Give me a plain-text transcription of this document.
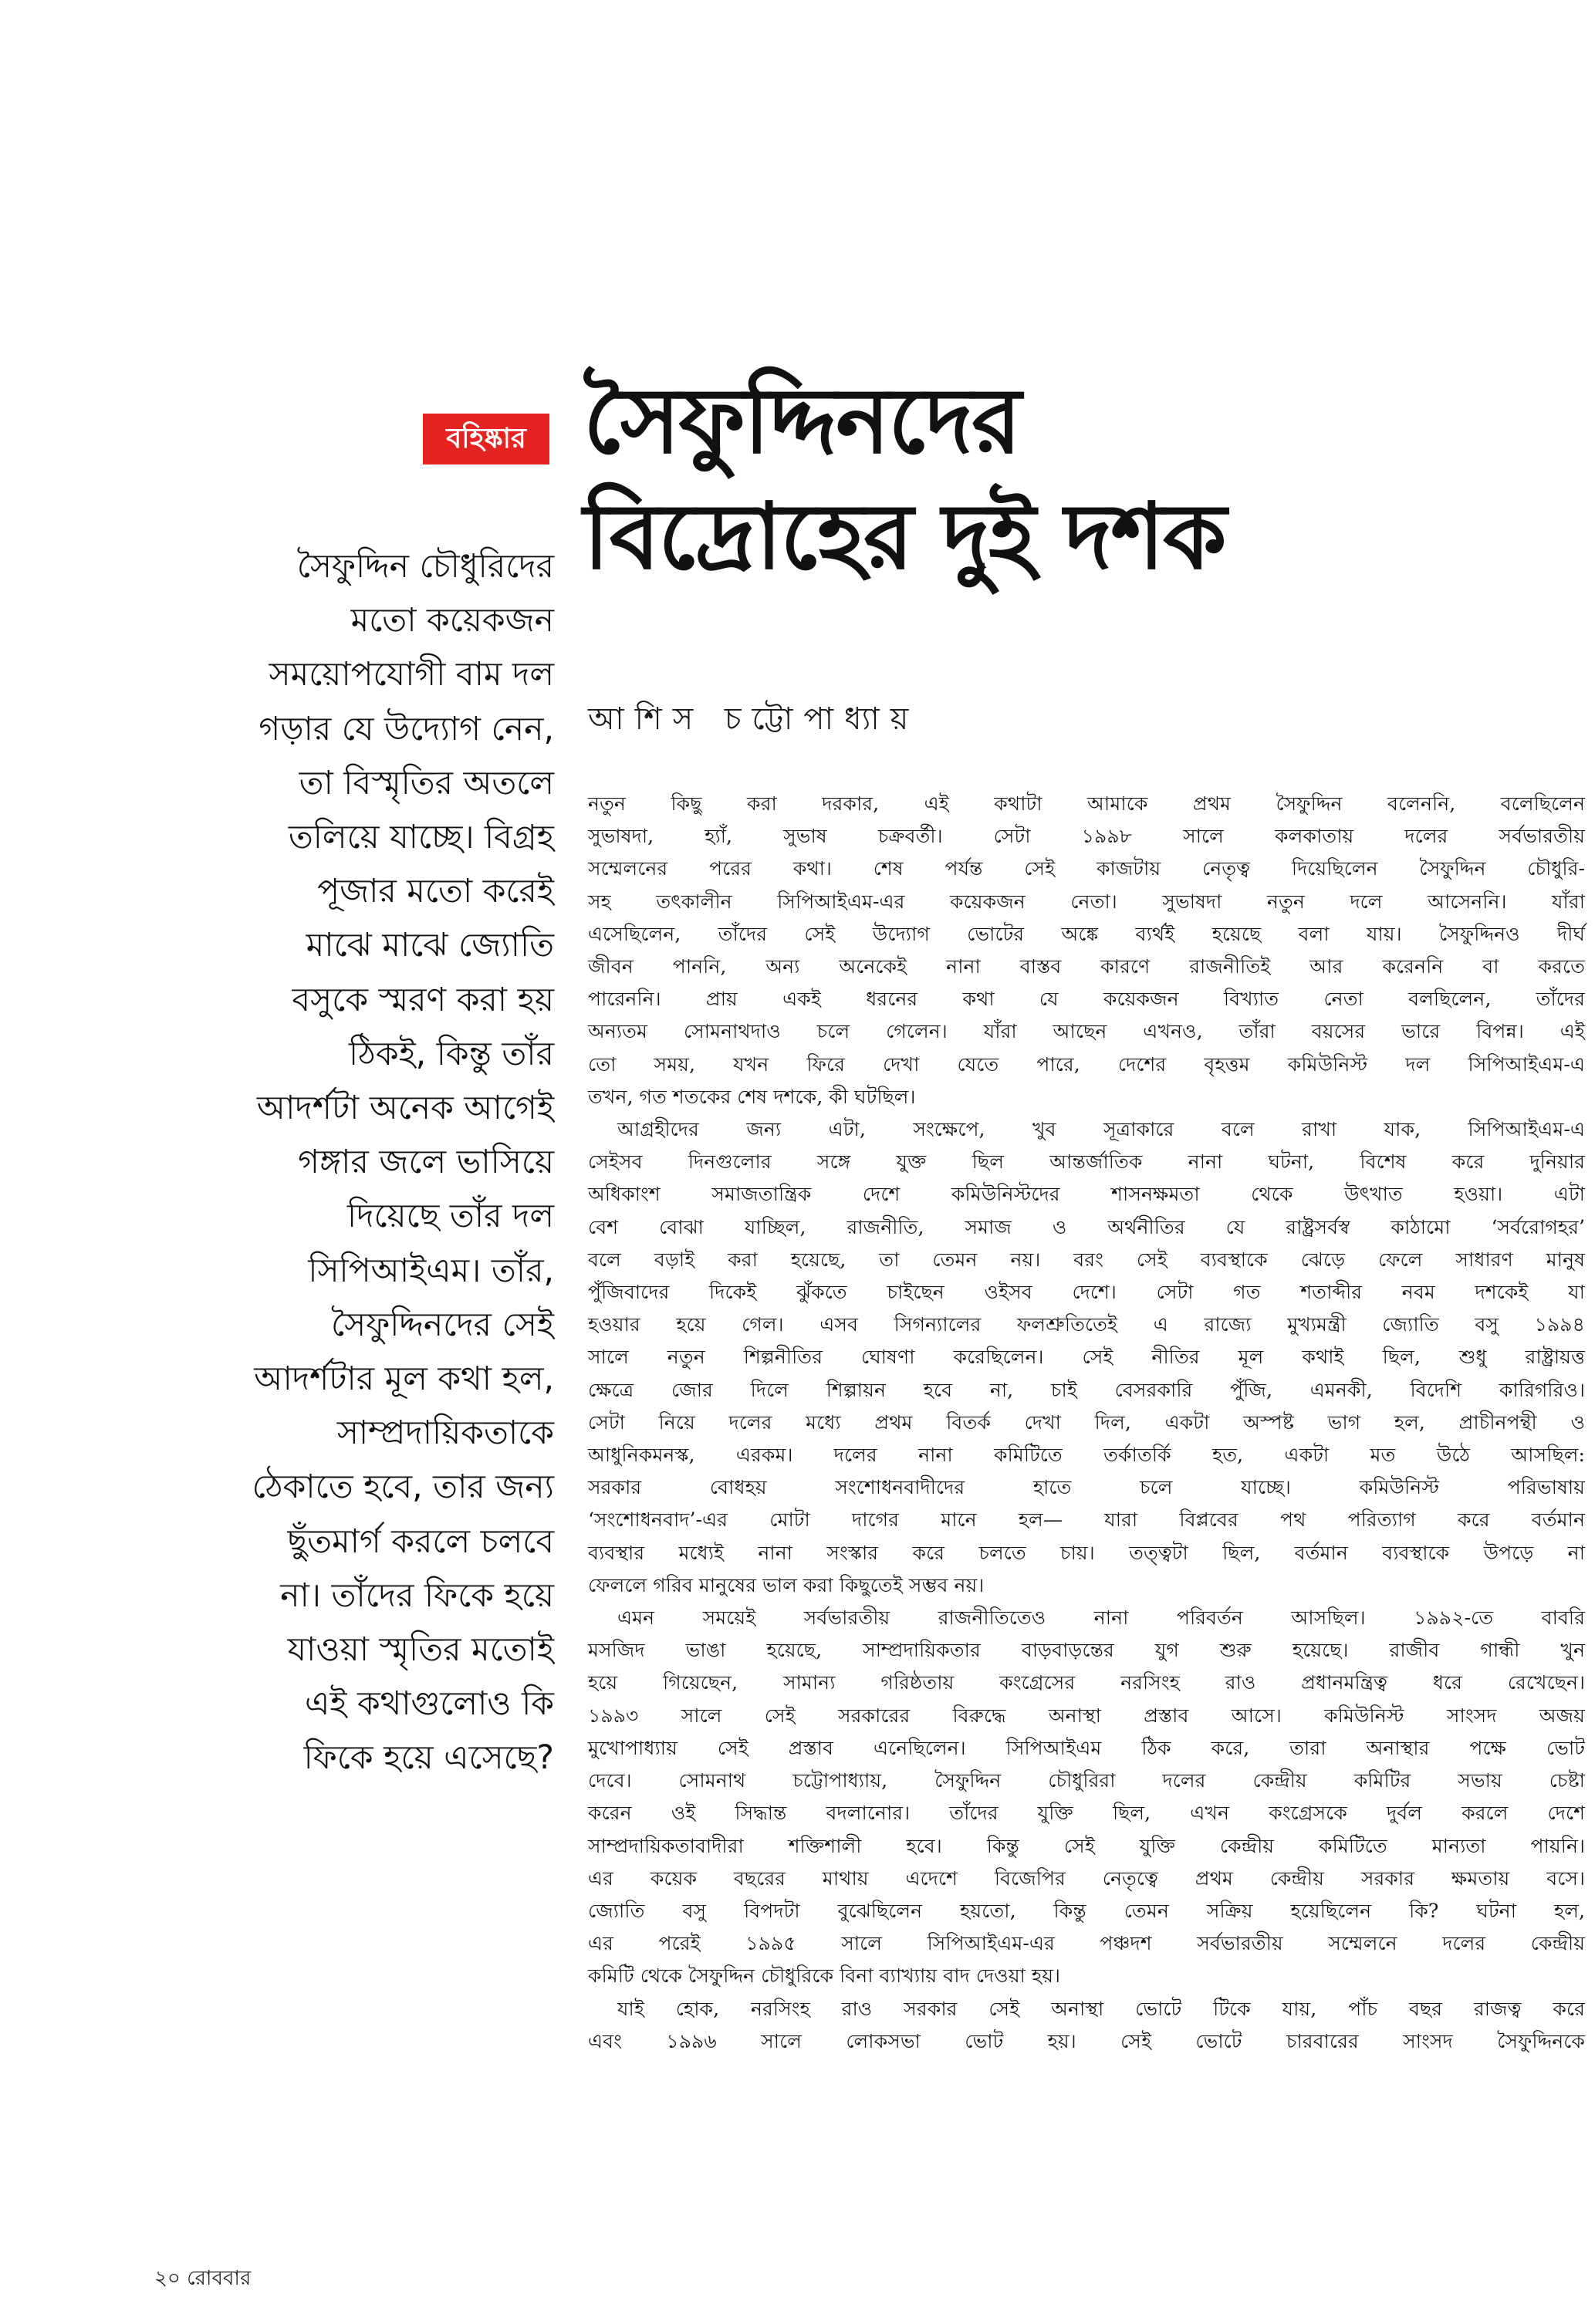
বহিষ্কার সৈফুদ্দিনদের
বিদ্রোহের দুই দশক
আশিস চট্টোপাধ্যায়
সৈফুদ্দিন চৌধুরিদের
মতো কয়েকজন
সময়োপযোগী বাম দল
গড়ার যে উদ্যোগ নেন,
তা বিস্মৃতির অতলে
তলিয়ে যাচ্ছে। বিগ্রহ
পূজার মতো করেই
মাঝে মাঝে জ্যোতি
বসুকে স্মরণ করা হয়
ঠিকই, কিন্তু তাঁর
আদর্শটা অনেক আগেই
গঙ্গার জলে ভাসিয়ে
দিয়েছে তাঁর দল
সিপিআইএম। তাঁর,
সৈফুদ্দিনদের সেই
আদর্শটার মূল কথা হল,
সাম্প্রদায়িকতাকে
ঠেকাতে হবে, তার জন্য
ছুঁতমার্গ করলে চলবে
না। তাঁদের ফিকে হয়ে
যাওয়া স্মৃতির মতোই
এই কথাগুলোও কি
ফিকে হয়ে এসেছে?
নতুন কিছু করা দরকার, এই কথাটা আমাকে প্রথম সৈফুদ্দিন বলেননি, বলেছিলেন
সুভাষদা, হ্যাঁ, সুভাষ চক্রবর্তী। সেটা ১৯৯৮ সালে কলকাতায় দলের সর্বভারতীয়
সম্মেলনের পরের কথা। শেষ পর্যন্ত সেই কাজটায় নেতৃত্ব দিয়েছিলেন সৈফুদ্দিন চৌধুরি-
সহ তৎকালীন সিপিআইএম-এর কয়েকজন নেতা। সুভাষদা নতুন দলে আসেননি। যাঁরা
এসেছিলেন, তাঁদের সেই উদ্যোগ ভোটের অঙ্কে ব্যর্থই হয়েছে বলা যায়। সৈফুদ্দিনও দীর্ঘ
জীবন পাননি, অন্য অনেকেই নানা বাস্তব কারণে রাজনীতিই আর করেননি বা করতে
পারেননি। প্রায় একই ধরনের কথা যে কয়েকজন বিখ্যাত নেতা বলছিলেন, তাঁদের
অন্যতম সোমনাথদাও চলে গেলেন। যাঁরা আছেন এখনও, তাঁরা বয়সের ভারে বিপন্ন। এই
তো সময়, যখন ফিরে দেখা যেতে পারে, দেশের বৃহত্তম কমিউনিস্ট দল সিপিআইএম-এ
তখন, গত শতকের শেষ দশকে, কী ঘটছিল।
আগ্রহীদের জন্য এটা, সংক্ষেপে, খুব সূত্রাকারে বলে রাখা যাক, সিপিআইএম-এ
সেইসব দিনগুলোর সঙ্গে যুক্ত ছিল আন্তর্জাতিক নানা ঘটনা, বিশেষ করে দুনিয়ার
অধিকাংশ সমাজতান্ত্রিক দেশে কমিউনিস্টদের শাসনক্ষমতা থেকে উৎখাত হওয়া। এটা
বেশ বোঝা যাচ্ছিল, রাজনীতি, সমাজ ও অর্থনীতির যে রাষ্ট্রসর্বস্ব কাঠামো ‘সর্বরোগহর’
বলে বড়াই করা হয়েছে, তা তেমন নয়। বরং সেই ব্যবস্থাকে ঝেড়ে ফেলে সাধারণ মানুষ
পুঁজিবাদের দিকেই ঝুঁকতে চাইছেন ওইসব দেশে। সেটা গত শতাব্দীর নবম দশকেই যা
হওয়ার হয়ে গেল। এসব সিগন্যালের ফলশ্রুতিতেই এ রাজ্যে মুখ্যমন্ত্রী জ্যোতি বসু ১৯৯৪
সালে নতুন শিল্পনীতির ঘোষণা করেছিলেন। সেই নীতির মূল কথাই ছিল, শুধু রাষ্ট্রায়ত্ত
ক্ষেত্রে জোর দিলে শিল্পায়ন হবে না, চাই বেসরকারি পুঁজি, এমনকী, বিদেশি কারিগরিও।
সেটা নিয়ে দলের মধ্যে প্রথম বিতর্ক দেখা দিল, একটা অস্পষ্ট ভাগ হল, প্রাচীনপন্থী ও
আধুনিকমনস্ক, এরকম। দলের নানা কমিটিতে তর্কাতর্কি হত, একটা মত উঠে আসছিল:
সরকার বোধহয় সংশোধনবাদীদের হাতে চলে যাচ্ছে। কমিউনিস্ট পরিভাষায়
‘সংশোধনবাদ’-এর মোটা দাগের মানে হল— যারা বিপ্লবের পথ পরিত্যাগ করে বর্তমান
ব্যবস্থার মধ্যেই নানা সংস্কার করে চলতে চায়। তত্ত্বটা ছিল, বর্তমান ব্যবস্থাকে উপড়ে না
ফেললে গরিব মানুষের ভাল করা কিছুতেই সম্ভব নয়।
এমন সময়েই সর্বভারতীয় রাজনীতিতেও নানা পরিবর্তন আসছিল। ১৯৯২-তে বাবরি
মসজিদ ভাঙা হয়েছে, সাম্প্রদায়িকতার বাড়বাড়ন্তের যুগ শুরু হয়েছে। রাজীব গান্ধী খুন
হয়ে গিয়েছেন, সামান্য গরিষ্ঠতায় কংগ্রেসের নরসিংহ রাও প্রধানমন্ত্রিত্ব ধরে রেখেছেন।
১৯৯৩ সালে সেই সরকারের বিরুদ্ধে অনাস্থা প্রস্তাব আসে। কমিউনিস্ট সাংসদ অজয়
মুখোপাধ্যায় সেই প্রস্তাব এনেছিলেন। সিপিআইএম ঠিক করে, তারা অনাস্থার পক্ষে ভোট
দেবে। সোমনাথ চট্টোপাধ্যায়, সৈফুদ্দিন চৌধুরিরা দলের কেন্দ্রীয় কমিটির সভায় চেষ্টা
করেন ওই সিদ্ধান্ত বদলানোর। তাঁদের যুক্তি ছিল, এখন কংগ্রেসকে দুর্বল করলে দেশে
সাম্প্রদায়িকতাবাদীরা শক্তিশালী হবে। কিন্তু সেই যুক্তি কেন্দ্রীয় কমিটিতে মান্যতা পায়নি।
এর কয়েক বছরের মাথায় এদেশে বিজেপির নেতৃত্বে প্রথম কেন্দ্রীয় সরকার ক্ষমতায় বসে।
জ্যোতি বসু বিপদটা বুঝেছিলেন হয়তো, কিন্তু তেমন সক্রিয় হয়েছিলেন কি? ঘটনা হল,
এর পরেই ১৯৯৫ সালে সিপিআইএম-এর পঞ্চদশ সর্বভারতীয় সম্মেলনে দলের কেন্দ্রীয়
কমিটি থেকে সৈফুদ্দিন চৌধুরিকে বিনা ব্যাখ্যায় বাদ দেওয়া হয়।
যাই হোক, নরসিংহ রাও সরকার সেই অনাস্থা ভোটে টিকে যায়, পাঁচ বছর রাজত্ব করে
এবং ১৯৯৬ সালে লোকসভা ভোট হয়। সেই ভোটে চারবারের সাংসদ সৈফুদ্দিনকে
২০ রোববার
